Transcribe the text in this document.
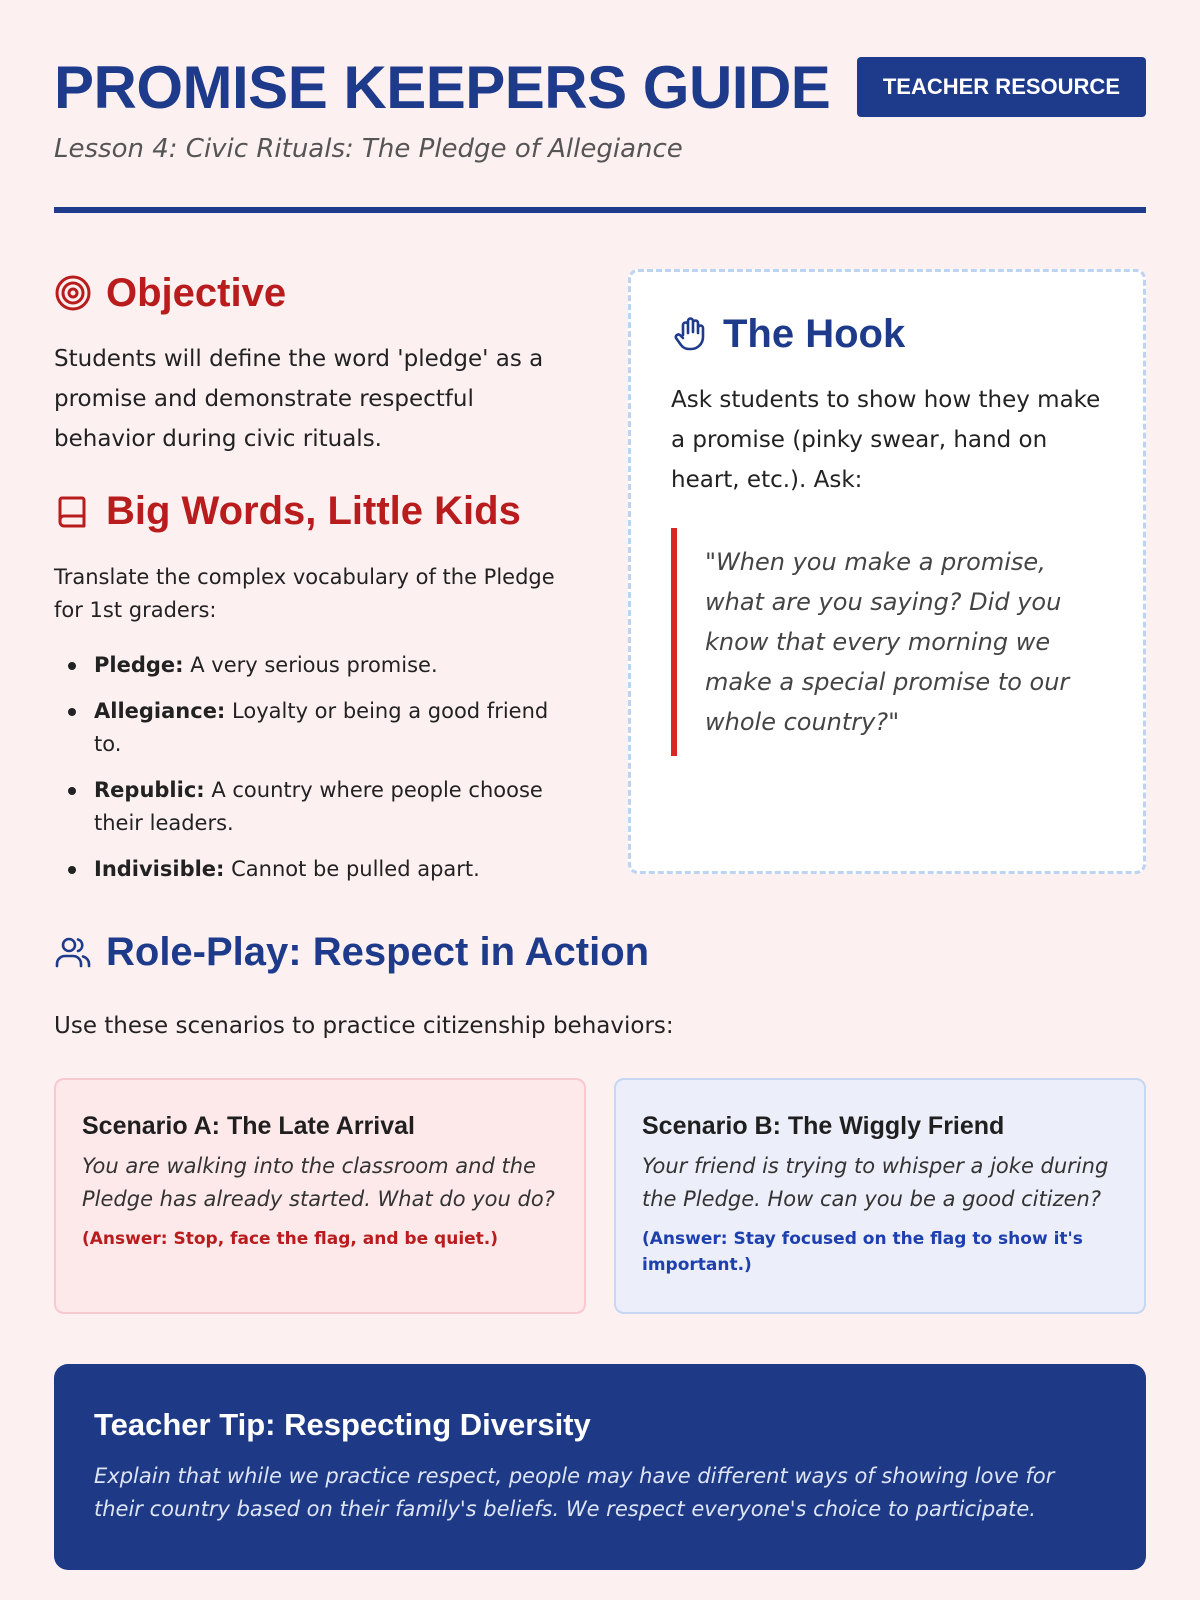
PROMISE KEEPERS GUIDE	TEACHER RESOURCE
Lesson 4: Civic Rituals: The Pledge of Allegiance
Objective

Students will define the word 'pledge' as a promise and demonstrate respectful behavior during civic rituals.

Big Words, Little Kids

Translate the complex vocabulary of the Pledge for 1st graders:

Pledge: A very serious promise.
Allegiance: Loyalty or being a good friend to.
Republic: A country where people choose their leaders.
Indivisible: Cannot be pulled apart.
The Hook

Ask students to show how they make a promise (pinky swear, hand on heart, etc.). Ask:

"When you make a promise, what are you saying? Did you know that every morning we make a special promise to our whole country?"
Role-Play: Respect in Action

Use these scenarios to practice citizenship behaviors:

Scenario A: The Late Arrival
You are walking into the classroom and the Pledge has already started. What do you do?
(Answer: Stop, face the flag, and be quiet.)
Scenario B: The Wiggly Friend
Your friend is trying to whisper a joke during the Pledge. How can you be a good citizen?
(Answer: Stay focused on the flag to show it's important.)
Teacher Tip: Respecting Diversity
Explain that while we practice respect, people may have different ways of showing love for their country based on their family's beliefs. We respect everyone's choice to participate.
